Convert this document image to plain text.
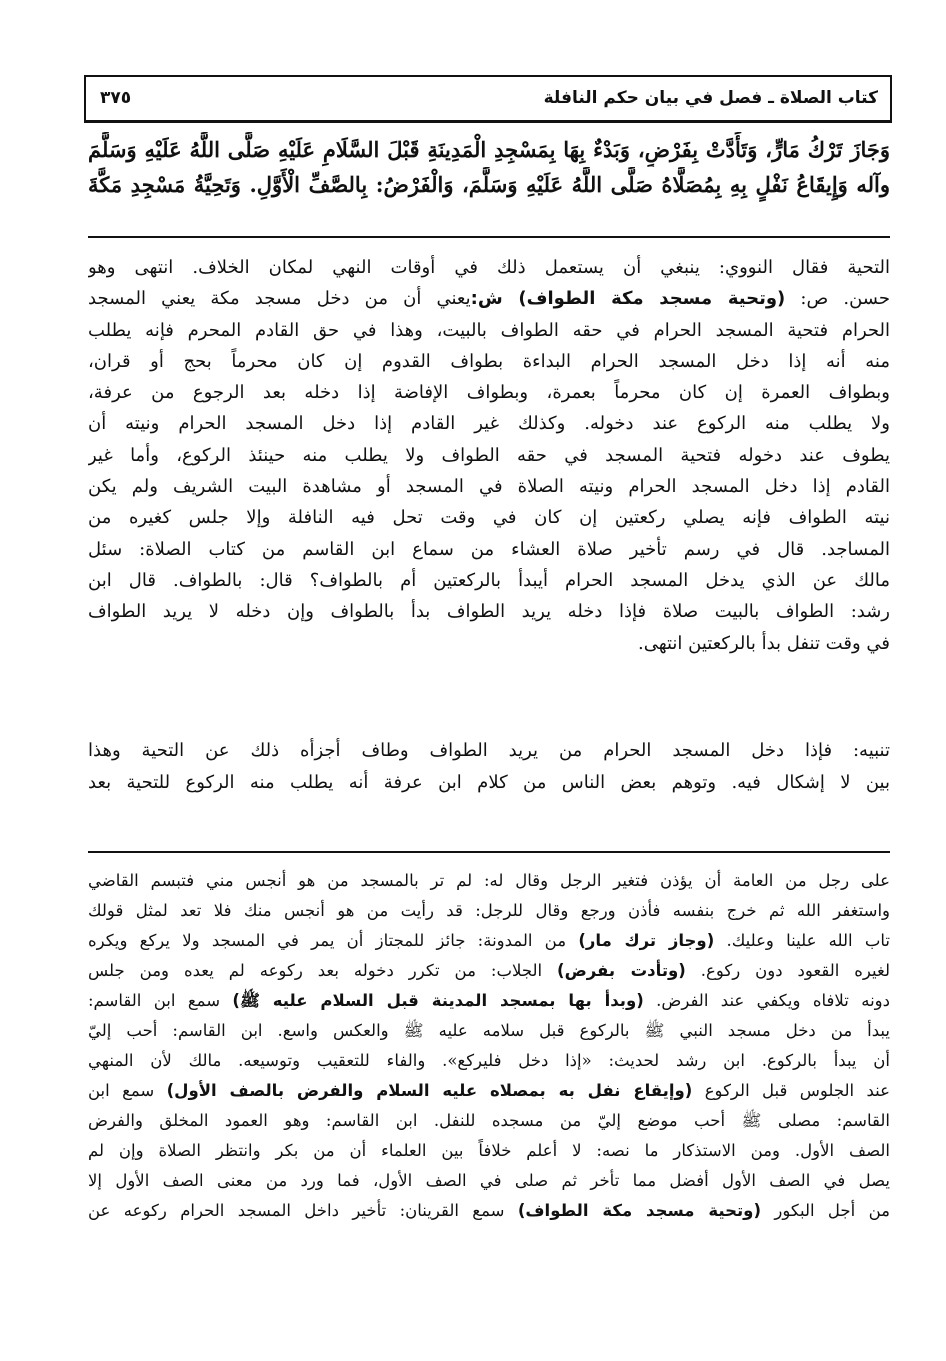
كتاب الصلاة ـ فصل في بيان حكم النافلة
٣٧٥
وَجَازَ تَرْكُ مَارٍّ، وَتَأَدَّتْ بِفَرْضٍ، وَبَدْءٌ بِهَا بِمَسْجِدِ الْمَدِينَةِ قَبْلَ السَّلَامِ عَلَيْهِ صَلَّى اللَّهُ عَلَيْهِ وَسَلَّمَ
وآله وَإِيقَاعُ نَفْلٍ بِهِ بِمُصَلَّاهُ صَلَّى اللَّهُ عَلَيْهِ وَسَلَّمَ، وَالْفَرْضُ: بِالصَّفِّ الْأَوَّلِ. وَتَحِيَّةُ مَسْجِدِ مَكَّةَ
التحية فقال النووي: ينبغي أن يستعمل ذلك في أوقات النهي لمكان الخلاف. انتهى وهو
حسن. ص: (وتحية مسجد مكة الطواف) ش:يعني أن من دخل مسجد مكة يعني المسجد
الحرام فتحية المسجد الحرام في حقه الطواف بالبيت، وهذا في حق القادم المحرم فإنه يطلب
منه أنه إذا دخل المسجد الحرام البداءة بطواف القدوم إن كان محرماً بحج أو قران،
وبطواف العمرة إن كان محرماً بعمرة، وبطواف الإفاضة إذا دخله بعد الرجوع من عرفة،
ولا يطلب منه الركوع عند دخوله. وكذلك غير القادم إذا دخل المسجد الحرام ونيته أن
يطوف عند دخوله فتحية المسجد في حقه الطواف ولا يطلب منه حينئذ الركوع، وأما غير
القادم إذا دخل المسجد الحرام ونيته الصلاة في المسجد أو مشاهدة البيت الشريف ولم يكن
نيته الطواف فإنه يصلي ركعتين إن كان في وقت تحل فيه النافلة وإلا جلس كغيره من
المساجد. قال في رسم تأخير صلاة العشاء من سماع ابن القاسم من كتاب الصلاة: سئل
مالك عن الذي يدخل المسجد الحرام أيبدأ بالركعتين أم بالطواف؟ قال: بالطواف. قال ابن
رشد: الطواف بالبيت صلاة فإذا دخله يريد الطواف بدأ بالطواف وإن دخله لا يريد الطواف
في وقت تنفل بدأ بالركعتين انتهى.
تنبيه: فإذا دخل المسجد الحرام من يريد الطواف وطاف أجزأه ذلك عن التحية وهذا
بين لا إشكال فيه. وتوهم بعض الناس من كلام ابن عرفة أنه يطلب منه الركوع للتحية بعد
على رجل من العامة أن يؤذن فتغير الرجل وقال له: لم تر بالمسجد من هو أنجس مني فتبسم القاضي
واستغفر الله ثم خرج بنفسه فأذن ورجع وقال للرجل: قد رأيت من هو أنجس منك فلا تعد لمثل قولك
تاب الله علينا وعليك. (وجاز ترك مار) من المدونة: جائز للمجتاز أن يمر في المسجد ولا يركع ويكره
لغيره القعود دون ركوع. (وتأدت بفرض) الجلاب: من تكرر دخوله بعد ركوعه لم يعده ومن جلس
دونه تلافاه ويكفي عند الفرض. (وبدأ بها بمسجد المدينة قبل السلام عليه ﷺ) سمع ابن القاسم:
يبدأ من دخل مسجد النبي ﷺ بالركوع قبل سلامه عليه ﷺ والعكس واسع. ابن القاسم: أحب إليّ
أن يبدأ بالركوع. ابن رشد لحديث: «إذا دخل فليركع». والفاء للتعقيب وتوسيعه. مالك لأن المنهي
عند الجلوس قبل الركوع (وإيقاع نفل به بمصلاه عليه السلام والفرض بالصف الأول) سمع ابن
القاسم: مصلى ﷺ أحب موضع إليّ من مسجده للنفل. ابن القاسم: وهو العمود المخلق والفرض
الصف الأول. ومن الاستذكار ما نصه: لا أعلم خلافاً بين العلماء أن من بكر وانتظر الصلاة وإن لم
يصل في الصف الأول أفضل مما تأخر ثم صلى في الصف الأول، فما ورد من معنى الصف الأول إلا
من أجل البكور (وتحية مسجد مكة الطواف) سمع القرينان: تأخير داخل المسجد الحرام ركوعه عن
